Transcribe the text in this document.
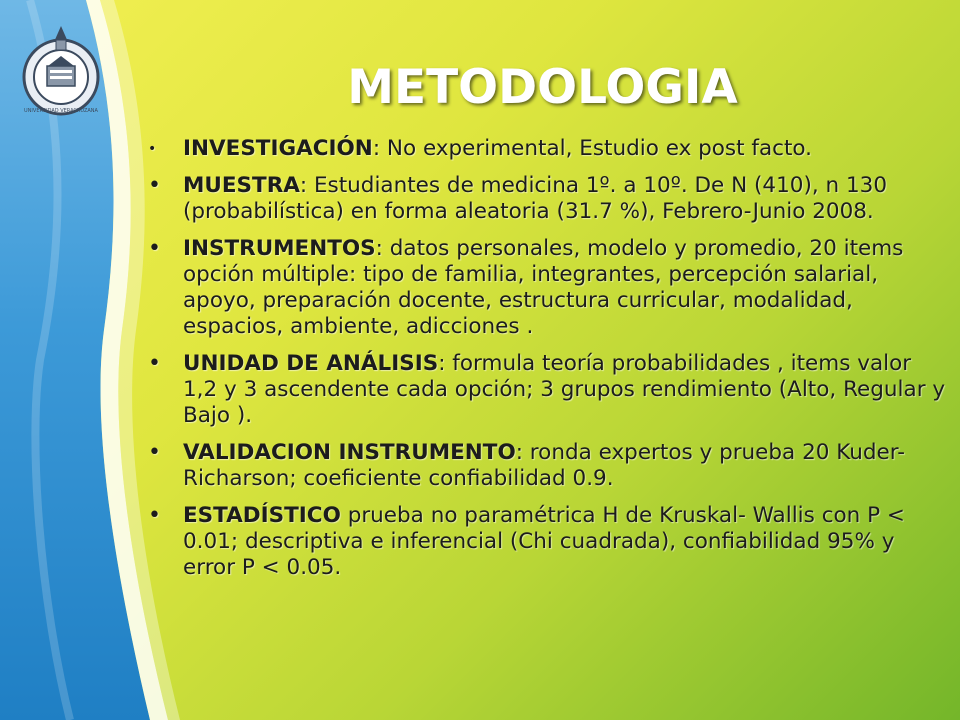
UNIVERSIDAD VERACRUZANA	METODOLOGIA
• INVESTIGACIÓN: No experimental, Estudio ex post facto.
• MUESTRA: Estudiantes de medicina 1º. a 10º. De N (410), n 130 (probabilística) en forma aleatoria (31.7 %), Febrero-Junio 2008.
• INSTRUMENTOS: datos personales, modelo y promedio, 20 items opción múltiple: tipo de familia, integrantes, percepción salarial, apoyo, preparación docente, estructura curricular, modalidad, espacios, ambiente, adicciones .
• UNIDAD DE ANÁLISIS: formula teoría probabilidades , items valor 1,2 y 3 ascendente cada opción; 3 grupos rendimiento (Alto, Regular y Bajo ).
• VALIDACION INSTRUMENTO: ronda expertos y prueba 20 Kuder-Richarson; coeficiente confiabilidad 0.9.
• ESTADÍSTICO prueba no paramétrica H de Kruskal- Wallis con P < 0.01; descriptiva e inferencial (Chi cuadrada), confiabilidad 95% y error P < 0.05.
